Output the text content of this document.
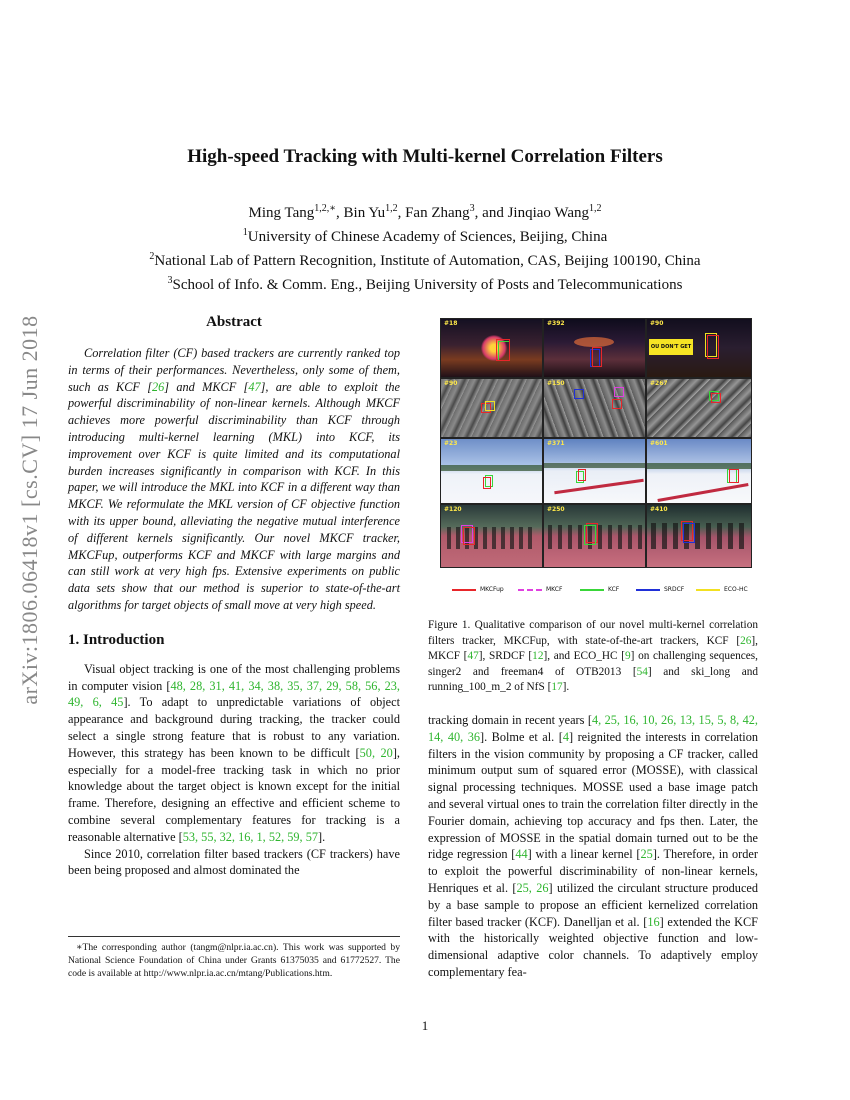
arXiv:1806.06418v1 [cs.CV] 17 Jun 2018
High-speed Tracking with Multi-kernel Correlation Filters
Ming Tang$^{1,2,∗}$, Bin Yu$^{1,2}$, Fan Zhang$^3$, and Jinqiao Wang$^{1,2}$
$^1$University of Chinese Academy of Sciences, Beijing, China
$^2$National Lab of Pattern Recognition, Institute of Automation, CAS, Beijing 100190, China
$^3$School of Info. & Comm. Eng., Beijing University of Posts and Telecommunications
Abstract

Correlation filter (CF) based trackers are currently ranked top in terms of their performances. Nevertheless, only some of them, such as KCF [26] and MKCF [47], are able to exploit the powerful discriminability of non-linear kernels. Although MKCF achieves more powerful discriminability than KCF through introducing multi-kernel learning (MKL) into KCF, its improvement over KCF is quite limited and its computational burden increases significantly in comparison with KCF. In this paper, we will introduce the MKL into KCF in a different way than MKCF. We reformulate the MKL version of CF objective function with its upper bound, alleviating the negative mutual interference of different kernels significantly. Our novel MKCF tracker, MKCFup, outperforms KCF and MKCF with large margins and can still work at very high fps. Extensive experiments on public data sets show that our method is superior to state-of-the-art algorithms for target objects of small move at very high speed.

1. Introduction

Visual object tracking is one of the most challenging problems in computer vision [48, 28, 31, 41, 34, 38, 35, 37, 29, 58, 56, 23, 49, 6, 45]. To adapt to unpredictable variations of object appearance and background during tracking, the tracker could select a single strong feature that is robust to any variation. However, this strategy has been known to be difficult [50, 20], especially for a model-free tracking task in which no prior knowledge about the target object is known except for the initial frame. Therefore, designing an effective and efficient scheme to combine several complementary features for tracking is a reasonable alternative [53, 55, 32, 16, 1, 52, 59, 57].

Since 2010, correlation filter based trackers (CF trackers) have been being proposed and almost dominated the

∗The corresponding author (tangm@nlpr.ia.ac.cn). This work was supported by National Science Foundation of China under Grants 61375035 and 61772527. The code is available at http://www.nlpr.ia.ac.cn/mtang/Publications.htm.

#18	#392
OU DON'T GET
#90
#90	#150	#267
#23	#371	#601
#120	#250	#410
MKCFup	MKCF	KCF	SRDCF	ECO-HC
Figure 1. Qualitative comparison of our novel multi-kernel correlation filters tracker, MKCFup, with state-of-the-art trackers, KCF [26], MKCF [47], SRDCF [12], and ECO_HC [9] on challenging sequences, singer2 and freeman4 of OTB2013 [54] and ski_long and running_100_m_2 of NfS [17].

tracking domain in recent years [4, 25, 16, 10, 26, 13, 15, 5, 8, 42, 14, 40, 36]. Bolme et al. [4] reignited the interests in correlation filters in the vision community by proposing a CF tracker, called minimum output sum of squared error (MOSSE), with classical signal processing techniques. MOSSE used a base image patch and several virtual ones to train the correlation filter directly in the Fourier domain, achieving top accuracy and fps then. Later, the expression of MOSSE in the spatial domain turned out to be the ridge regression [44] with a linear kernel [25]. Therefore, in order to exploit the powerful discriminability of non-linear kernels, Henriques et al. [25, 26] utilized the circulant structure produced by a base sample to propose an efficient kernelized correlation filter based tracker (KCF). Danelljan et al. [16] extended the KCF with the historically weighted objective function and low-dimensional adaptive color channels. To adaptively employ complementary fea-

1
